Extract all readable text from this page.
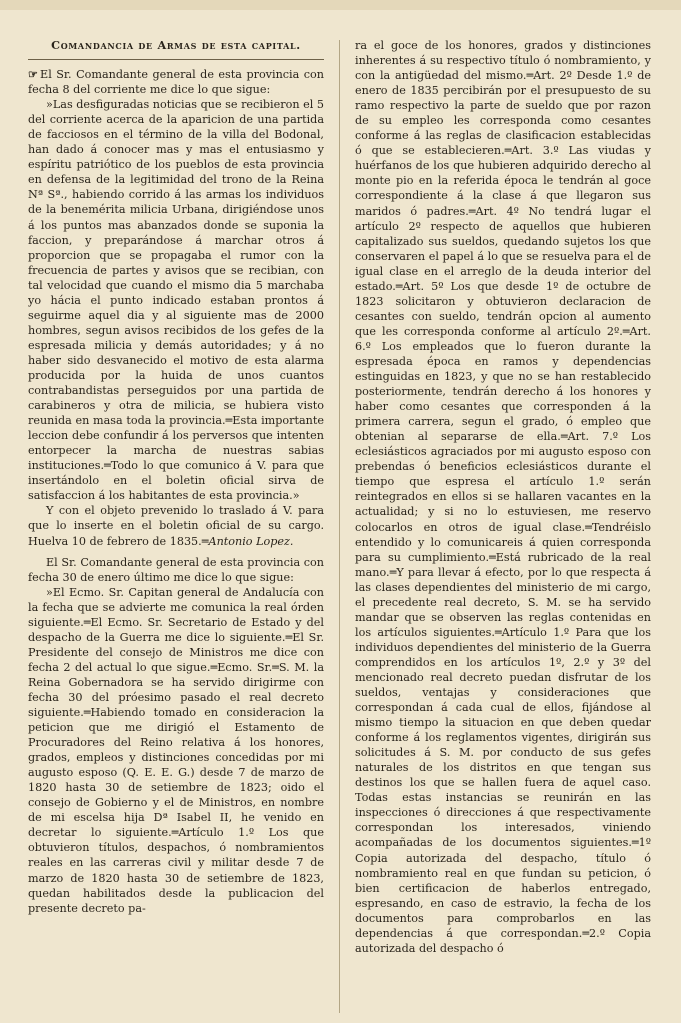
Comandancia de Armas de esta capital.

☞ El Sr. Comandante general de esta provincia con fecha 8 del corriente me dice lo que sigue:

»Las desfiguradas noticias que se recibieron el 5 del corriente acerca de la aparicion de una partida de facciosos en el término de la villa del Bodonal, han dado á conocer mas y mas el entusiasmo y espíritu patriótico de los pueblos de esta provincia en defensa de la legitimidad del trono de la Reina Nª Sª., habiendo corrido á las armas los individuos de la benemérita milicia Urbana, dirigiéndose unos á los puntos mas abanzados donde se suponia la faccion, y preparándose á marchar otros á proporcion que se propagaba el rumor con la frecuencia de partes y avisos que se recibian, con tal velocidad que cuando el mismo dia 5 marchaba yo hácia el punto indicado estaban prontos á seguirme aquel dia y al siguiente mas de 2000 hombres, segun avisos recibidos de los gefes de la espresada milicia y demás autoridades; y á no haber sido desvanecido el motivo de esta alarma producida por la huida de unos cuantos contrabandistas perseguidos por una partida de carabineros y otra de milicia, se hubiera visto reunida en masa toda la provincia.═Esta importante leccion debe confundir á los perversos que intenten entorpecer la marcha de nuestras sabias instituciones.═Todo lo que comunico á V. para que insertándolo en el boletin oficial sirva de satisfaccion á los habitantes de esta provincia.»

Y con el objeto prevenido lo traslado á V. para que lo inserte en el boletin oficial de su cargo. Huelva 10 de febrero de 1835.═Antonio Lopez.

El Sr. Comandante general de esta provincia con fecha 30 de enero último me dice lo que sigue:

»El Ecmo. Sr. Capitan general de Andalucía con la fecha que se advierte me comunica la real órden siguiente.═El Ecmo. Sr. Secretario de Estado y del despacho de la Guerra me dice lo siguiente.═El Sr. Presidente del consejo de Ministros me dice con fecha 2 del actual lo que sigue.═Ecmo. Sr.═S. M. la Reina Gobernadora se ha servido dirigirme con fecha 30 del próesimo pasado el real decreto siguiente.═Habiendo tomado en consideracion la peticion que me dirigió el Estamento de Procuradores del Reino relativa á los honores, grados, empleos y distinciones concedidas por mi augusto esposo (Q. E. E. G.) desde 7 de marzo de 1820 hasta 30 de setiembre de 1823; oido el consejo de Gobierno y el de Ministros, en nombre de mi escelsa hija Dª Isabel II, he venido en decretar lo siguiente.═Artículo 1.º Los que obtuvieron títulos, despachos, ó nombramientos reales en las carreras civil y militar desde 7 de marzo de 1820 hasta 30 de setiembre de 1823, quedan habilitados desde la publicacion del presente decreto pa-

ra el goce de los honores, grados y distinciones inherentes á su respectivo título ó nombramiento, y con la antigüedad del mismo.═Art. 2º Desde 1.º de enero de 1835 percibirán por el presupuesto de su ramo respectivo la parte de sueldo que por razon de su empleo les corresponda como cesantes conforme á las reglas de clasificacion establecidas ó que se establecieren.═Art. 3.º Las viudas y huérfanos de los que hubieren adquirido derecho al monte pio en la referida época le tendrán al goce correspondiente á la clase á que llegaron sus maridos ó padres.═Art. 4º No tendrá lugar el artículo 2º respecto de aquellos que hubieren capitalizado sus sueldos, quedando sujetos los que conservaren el papel á lo que se resuelva para el de igual clase en el arreglo de la deuda interior del estado.═Art. 5º Los que desde 1º de octubre de 1823 solicitaron y obtuvieron declaracion de cesantes con sueldo, tendrán opcion al aumento que les corresponda conforme al artículo 2º.═Art. 6.º Los empleados que lo fueron durante la espresada época en ramos y dependencias estinguidas en 1823, y que no se han restablecido posteriormente, tendrán derecho á los honores y haber como cesantes que corresponden á la primera carrera, segun el grado, ó empleo que obtenian al separarse de ella.═Art. 7.º Los eclesiásticos agraciados por mi augusto esposo con prebendas ó beneficios eclesiásticos durante el tiempo que espresa el artículo 1.º serán reintegrados en ellos si se hallaren vacantes en la actualidad; y si no lo estuviesen, me reservo colocarlos en otros de igual clase.═Tendréislo entendido y lo comunicareis á quien corresponda para su cumplimiento.═Está rubricado de la real mano.═Y para llevar á efecto, por lo que respecta á las clases dependientes del ministerio de mi cargo, el precedente real decreto, S. M. se ha servido mandar que se observen las reglas contenidas en los artículos siguientes.═Artículo 1.º Para que los individuos dependientes del ministerio de la Guerra comprendidos en los artículos 1º, 2.º y 3º del mencionado real decreto puedan disfrutar de los sueldos, ventajas y consideraciones que correspondan á cada cual de ellos, fijándose al mismo tiempo la situacion en que deben quedar conforme á los reglamentos vigentes, dirigirán sus solicitudes á S. M. por conducto de sus gefes naturales de los distritos en que tengan sus destinos los que se hallen fuera de aquel caso. Todas estas instancias se reunirán en las inspecciones ó direcciones á que respectivamente correspondan los interesados, viniendo acompañadas de los documentos siguientes.═1º Copia autorizada del despacho, título ó nombramiento real en que fundan su peticion, ó bien certificacion de haberlos entregado, espresando, en caso de estravio, la fecha de los documentos para comprobarlos en las dependencias á que correspondan.═2.º Copia autorizada del despacho ó
